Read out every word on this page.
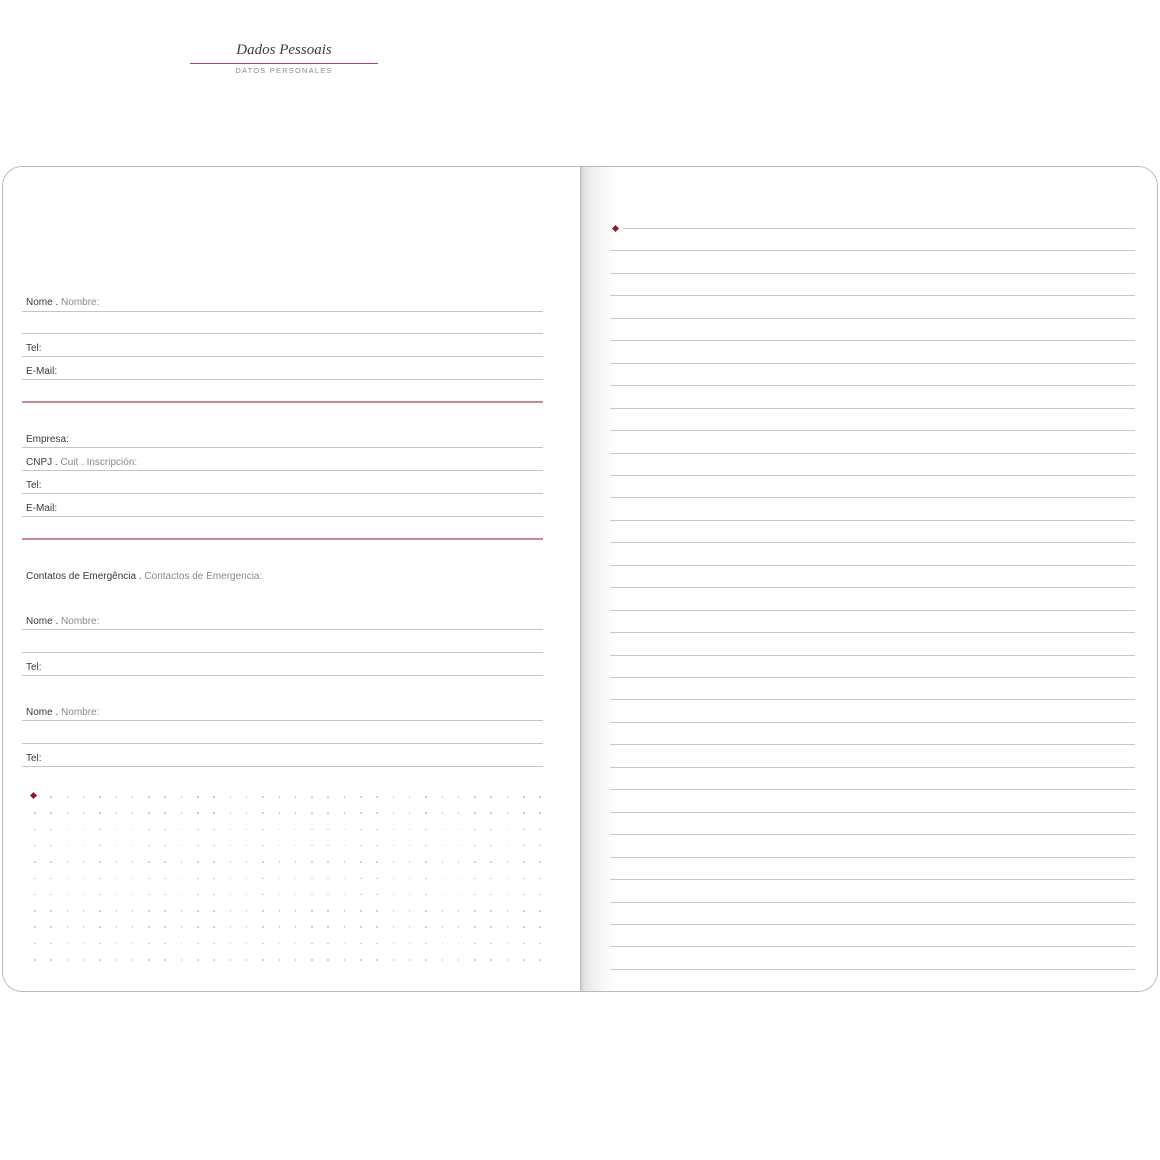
Dados Pessoais
DATOS PERSONALES
Nome . Nombre:
Tel:
E-Mail:
Empresa:
CNPJ . Cuit . Inscripción:
Tel:
E-Mail:
Contatos de Emergência . Contactos de Emergencia:
Nome . Nombre:
Tel:
Nome . Nombre:
Tel:
